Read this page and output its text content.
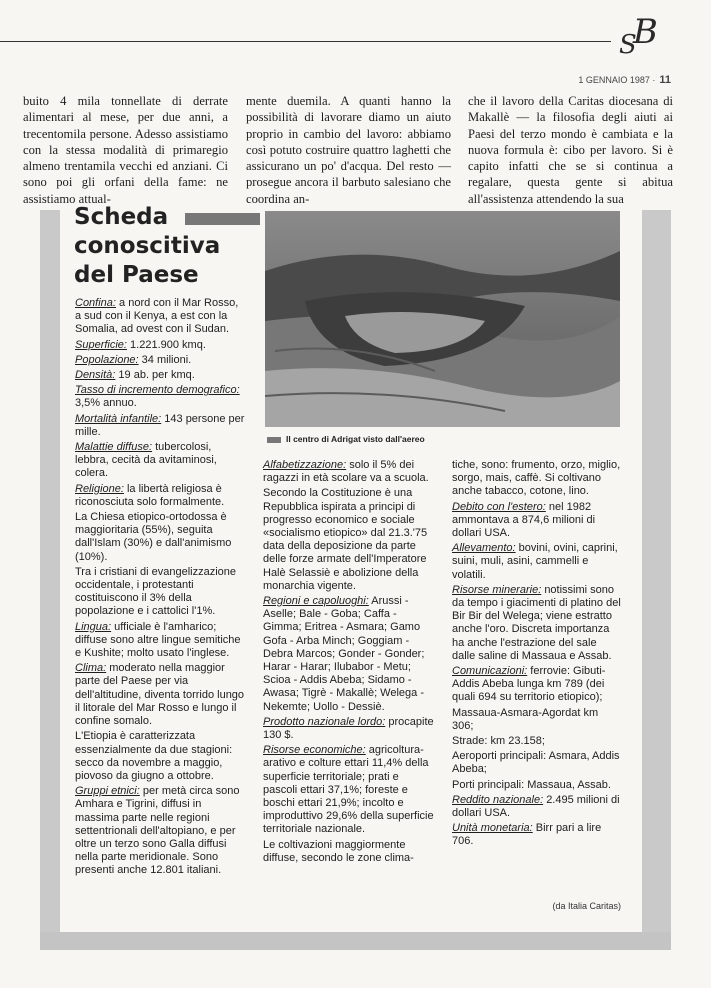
$_S$B
1 GENNAIO 1987 · 11
buito 4 mila tonnellate di derrate alimentari al mese, per due anni, a trecentomila persone. Adesso assistiamo con la stessa modalità di primaregio almeno trentamila vecchi ed anziani. Ci sono poi gli orfani della fame: ne assistiamo attual-
mente duemila. A quanti hanno la possibilità di lavorare diamo un aiuto proprio in cambio del lavoro: abbiamo così potuto costruire quattro laghetti che assicurano un po' d'acqua. Del resto — prosegue ancora il barbuto salesiano che coordina an-
che il lavoro della Caritas diocesana di Makallè — la filosofia degli aiuti ai Paesi del terzo mondo è cambiata e la nuova formula è: cibo per lavoro. Si è capito infatti che se si continua a regalare, questa gente si abitua all'assistenza attendendo la sua
Scheda
conoscitiva
del Paese
Il centro di Adrigat visto dall'aereo

Confina: a nord con il Mar Rosso, a sud con il Kenya, a est con la Somalia, ad ovest con il Sudan.

Superficie: 1.221.900 kmq.

Popolazione: 34 milioni.

Densità: 19 ab. per kmq.

Tasso di incremento demografico: 3,5% annuo.

Mortalità infantile: 143 persone per mille.

Malattie diffuse: tubercolosi, lebbra, cecità da avitaminosi, colera.

Religione: la libertà religiosa è riconosciuta solo formalmente.

La Chiesa etiopico-ortodossa è maggioritaria (55%), seguita dall'Islam (30%) e dall'animismo (10%).

Tra i cristiani di evangelizzazione occidentale, i protestanti costituiscono il 3% della popolazione e i cattolici l'1%.

Lingua: ufficiale è l'amharico; diffuse sono altre lingue semitiche e Kushite; molto usato l'inglese.

Clima: moderato nella maggior parte del Paese per via dell'altitudine, diventa torrido lungo il litorale del Mar Rosso e lungo il confine somalo.

L'Etiopia è caratterizzata essenzialmente da due stagioni: secco da novembre a maggio, piovoso da giugno a ottobre.

Gruppi etnici: per metà circa sono Amhara e Tigrini, diffusi in massima parte nelle regioni settentrionali dell'altopiano, e per oltre un terzo sono Galla diffusi nella parte meridionale. Sono presenti anche 12.801 italiani.

Alfabetizzazione: solo il 5% dei ragazzi in età scolare va a scuola.

Secondo la Costituzione è una Repubblica ispirata a principi di progresso economico e sociale «socialismo etiopico» dal 21.3.'75 data della deposizione da parte delle forze armate dell'Imperatore Halè Selassiè e abolizione della monarchia vigente.

Regioni e capoluoghi: Arussi - Aselle; Bale - Goba; Caffa - Gimma; Eritrea - Asmara; Gamo Gofa - Arba Minch; Goggiam - Debra Marcos; Gonder - Gonder; Harar - Harar; Ilubabor - Metu; Scioa - Addis Abeba; Sidamo - Awasa; Tigrè - Makallè; Welega - Nekemte; Uollo - Dessiè.

Prodotto nazionale lordo: procapite 130 $.

Risorse economiche: agricoltura-arativo e colture ettari 11,4% della superficie territoriale; prati e pascoli ettari 37,1%; foreste e boschi ettari 21,9%; incolto e improduttivo 29,6% della superficie territoriale nazionale.

Le coltivazioni maggiormente diffuse, secondo le zone clima-

tiche, sono: frumento, orzo, miglio, sorgo, mais, caffè. Si coltivano anche tabacco, cotone, lino.

Debito con l'estero: nel 1982 ammontava a 874,6 milioni di dollari USA.

Allevamento: bovini, ovini, caprini, suini, muli, asini, cammelli e volatili.

Risorse minerarie: notissimi sono da tempo i giacimenti di platino del Bir Bir del Welega; viene estratto anche l'oro. Discreta importanza ha anche l'estrazione del sale dalle saline di Massaua e Assab.

Comunicazioni: ferrovie: Gibuti-Addis Abeba lunga km 789 (dei quali 694 su territorio etiopico);

Massaua-Asmara-Agordat km 306;

Strade: km 23.158;

Aeroporti principali: Asmara, Addis Abeba;

Porti principali: Massaua, Assab.

Reddito nazionale: 2.495 milioni di dollari USA.

Unità monetaria: Birr pari a lire 706.

(da Italia Caritas)
